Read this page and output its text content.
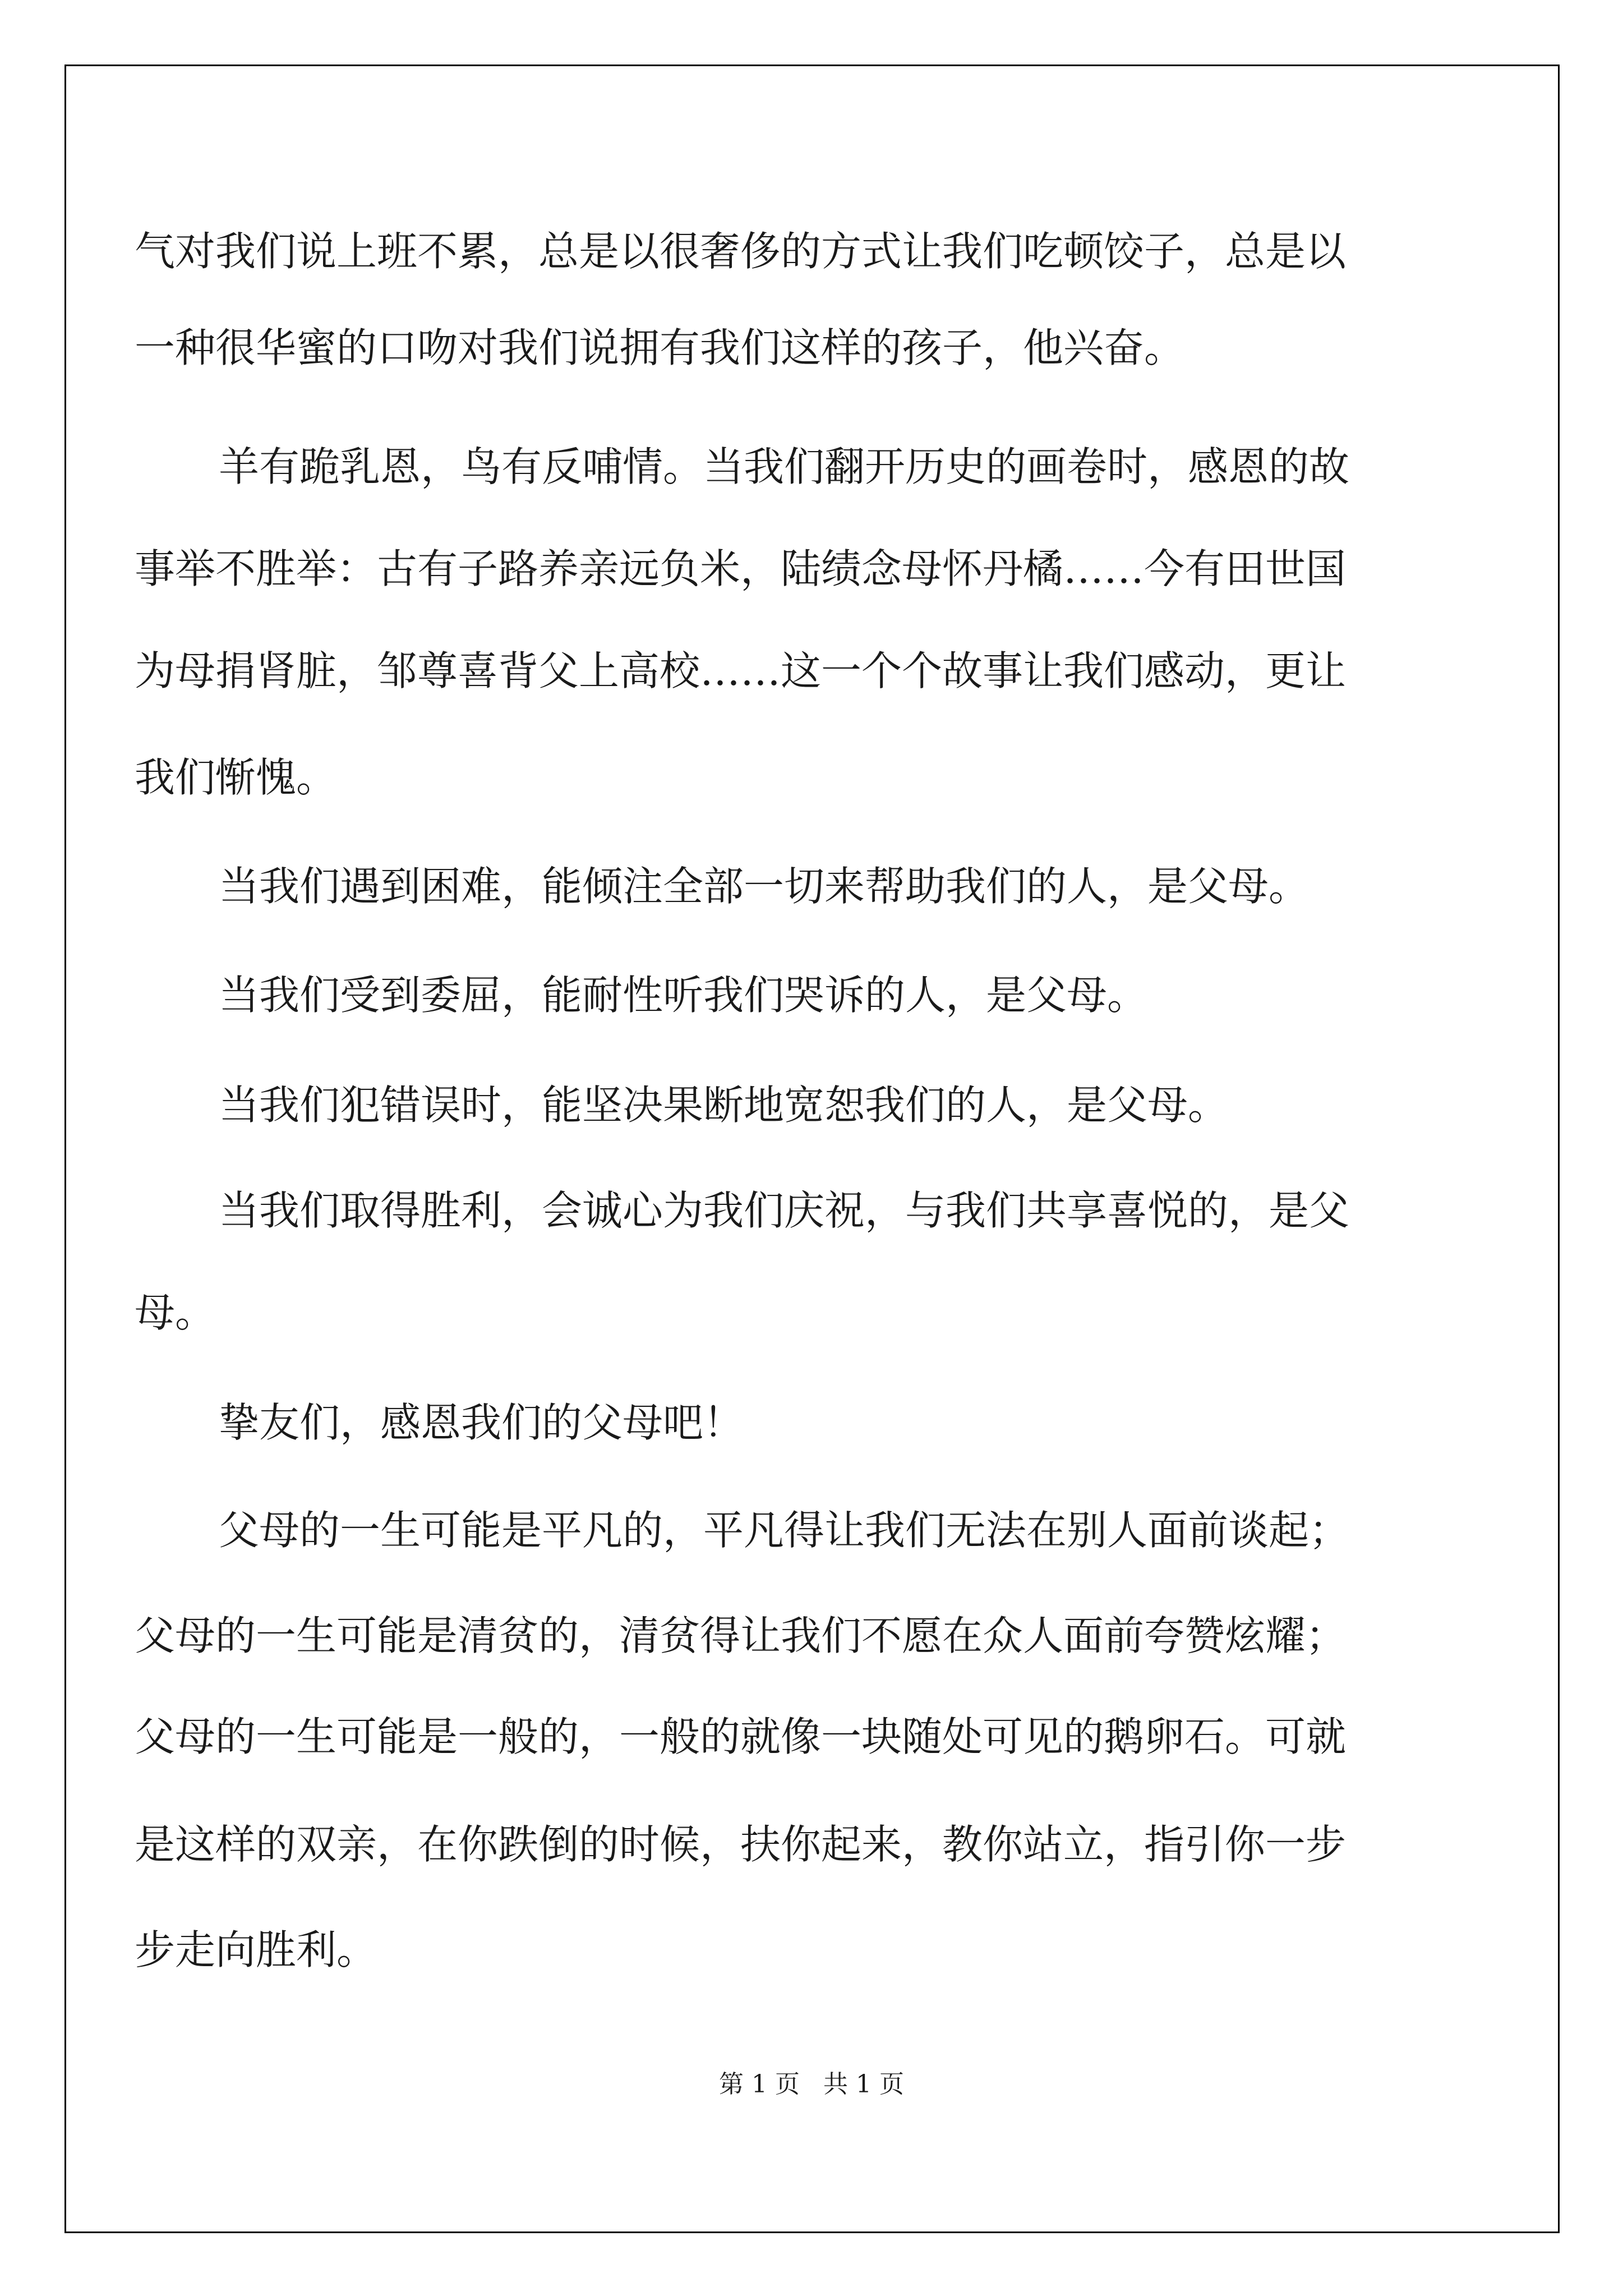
气对我们说上班不累，总是以很奢侈的方式让我们吃顿饺子，总是以
一种很华蜜的口吻对我们说拥有我们这样的孩子，他兴奋。
羊有跪乳恩，鸟有反哺情。当我们翻开历史的画卷时，感恩的故
事举不胜举：古有子路养亲远负米，陆绩念母怀丹橘……今有田世国
为母捐肾脏，邹尊喜背父上高校……这一个个故事让我们感动，更让
我们惭愧。
当我们遇到困难，能倾注全部一切来帮助我们的人，是父母。
当我们受到委屈，能耐性听我们哭诉的人，是父母。
当我们犯错误时，能坚决果断地宽恕我们的人，是父母。
当我们取得胜利，会诚心为我们庆祝，与我们共享喜悦的，是父
母。
挚友们，感恩我们的父母吧！
父母的一生可能是平凡的，平凡得让我们无法在别人面前谈起；
父母的一生可能是清贫的，清贫得让我们不愿在众人面前夸赞炫耀；
父母的一生可能是一般的，一般的就像一块随处可见的鹅卵石。可就
是这样的双亲，在你跌倒的时候，扶你起来，教你站立，指引你一步
步走向胜利。
第 1 页 共 1 页
